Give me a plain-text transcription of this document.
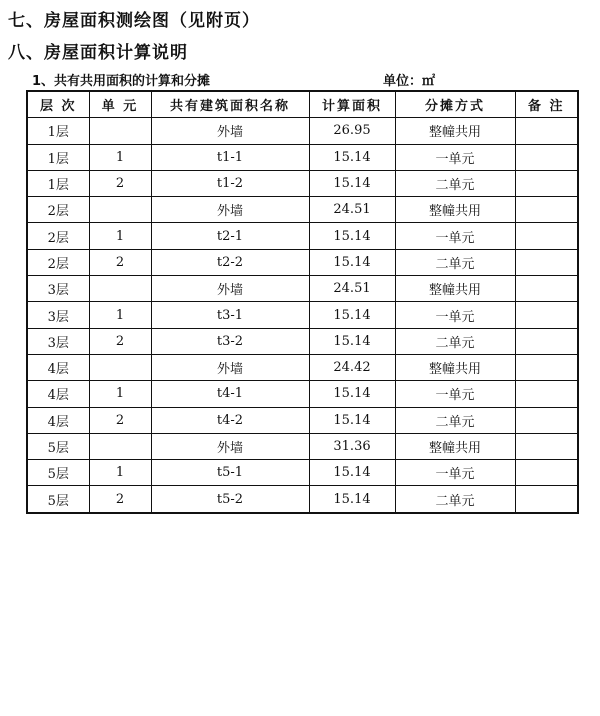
七、房屋面积测绘图（见附页）
八、房屋面积计算说明
1、共有共用面积的计算和分摊	单位：㎡
层 次	单 元	共有建筑面积名称	计算面积	分摊方式	备 注
1层		外墙	26.95	整幢共用	
1层	1	t1-1	15.14	一单元	
1层	2	t1-2	15.14	二单元	
2层		外墙	24.51	整幢共用	
2层	1	t2-1	15.14	一单元	
2层	2	t2-2	15.14	二单元	
3层		外墙	24.51	整幢共用	
3层	1	t3-1	15.14	一单元	
3层	2	t3-2	15.14	二单元	
4层		外墙	24.42	整幢共用	
4层	1	t4-1	15.14	一单元	
4层	2	t4-2	15.14	二单元	
5层		外墙	31.36	整幢共用	
5层	1	t5-1	15.14	一单元	
5层	2	t5-2	15.14	二单元	
